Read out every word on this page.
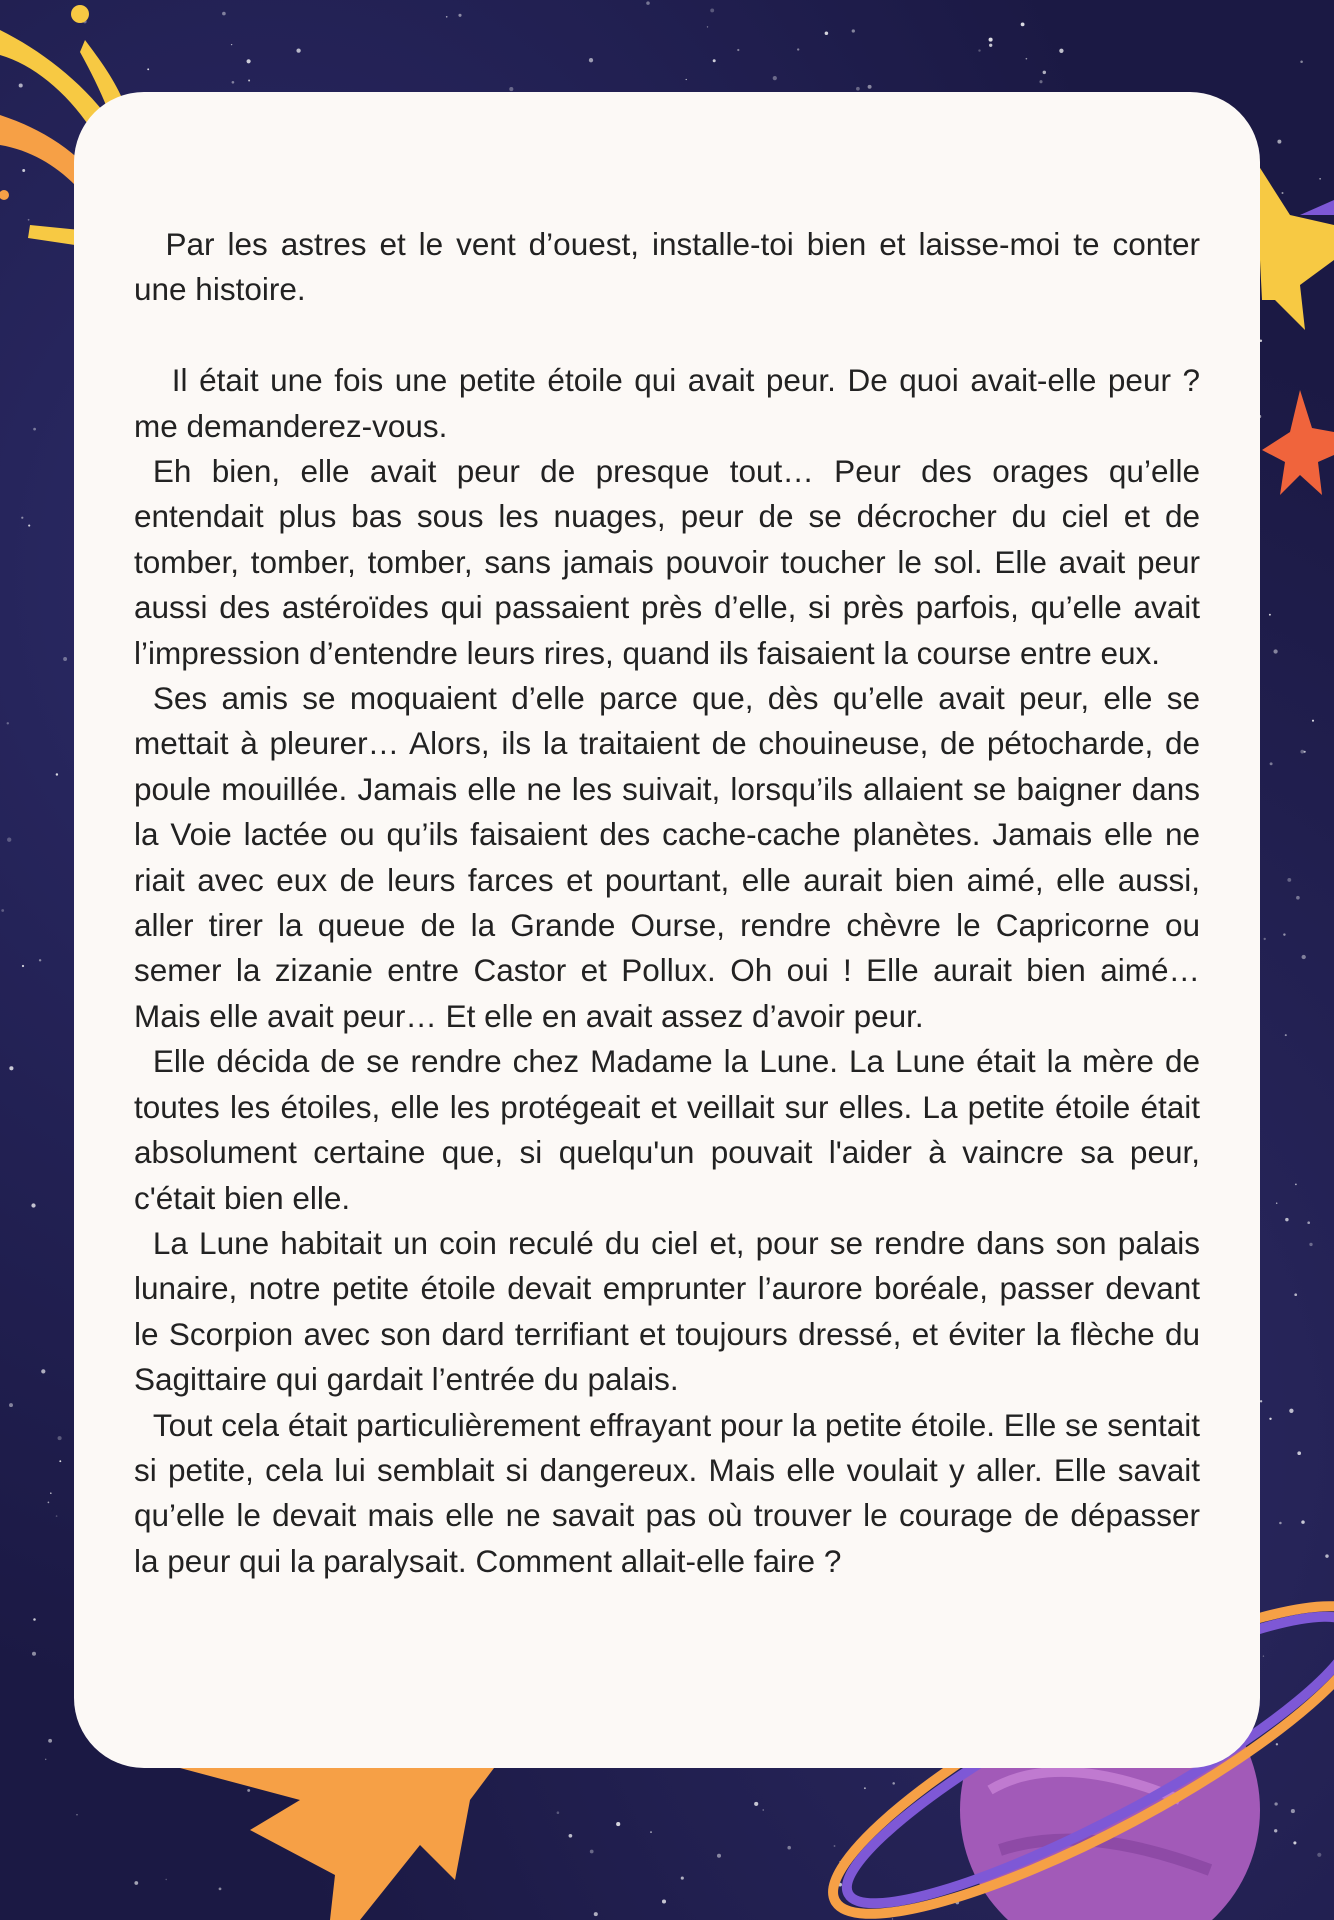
Par les astres et le vent d’ouest, installe-toi bien et laisse-moi te conter une histoire.

Il était une fois une petite étoile qui avait peur. De quoi avait-elle peur ? me demanderez-vous.

Eh bien, elle avait peur de presque tout… Peur des orages qu’elle entendait plus bas sous les nuages, peur de se décrocher du ciel et de tomber, tomber, tomber, sans jamais pouvoir toucher le sol. Elle avait peur aussi des astéroïdes qui passaient près d’elle, si près parfois, qu’elle avait l’impression d’entendre leurs rires, quand ils faisaient la course entre eux.

Ses amis se moquaient d’elle parce que, dès qu’elle avait peur, elle se mettait à pleurer… Alors, ils la traitaient de chouineuse, de pétocharde, de poule mouillée. Jamais elle ne les suivait, lorsqu’ils allaient se baigner dans la Voie lactée ou qu’ils faisaient des cache-cache planètes. Jamais elle ne riait avec eux de leurs farces et pourtant, elle aurait bien aimé, elle aussi, aller tirer la queue de la Grande Ourse, rendre chèvre le Capricorne ou semer la zizanie entre Castor et Pollux. Oh oui ! Elle aurait bien aimé… Mais elle avait peur… Et elle en avait assez d’avoir peur.

Elle décida de se rendre chez Madame la Lune. La Lune était la mère de toutes les étoiles, elle les protégeait et veillait sur elles. La petite étoile était absolument certaine que, si quelqu'un pouvait l'aider à vaincre sa peur, c'était bien elle.

La Lune habitait un coin reculé du ciel et, pour se rendre dans son palais lunaire, notre petite étoile devait emprunter l’aurore boréale, passer devant le Scorpion avec son dard terrifiant et toujours dressé, et éviter la flèche du Sagittaire qui gardait l’entrée du palais.

Tout cela était particulièrement effrayant pour la petite étoile. Elle se sentait si petite, cela lui semblait si dangereux. Mais elle voulait y aller. Elle savait qu’elle le devait mais elle ne savait pas où trouver le courage de dépasser la peur qui la paralysait. Comment allait-elle faire ?
